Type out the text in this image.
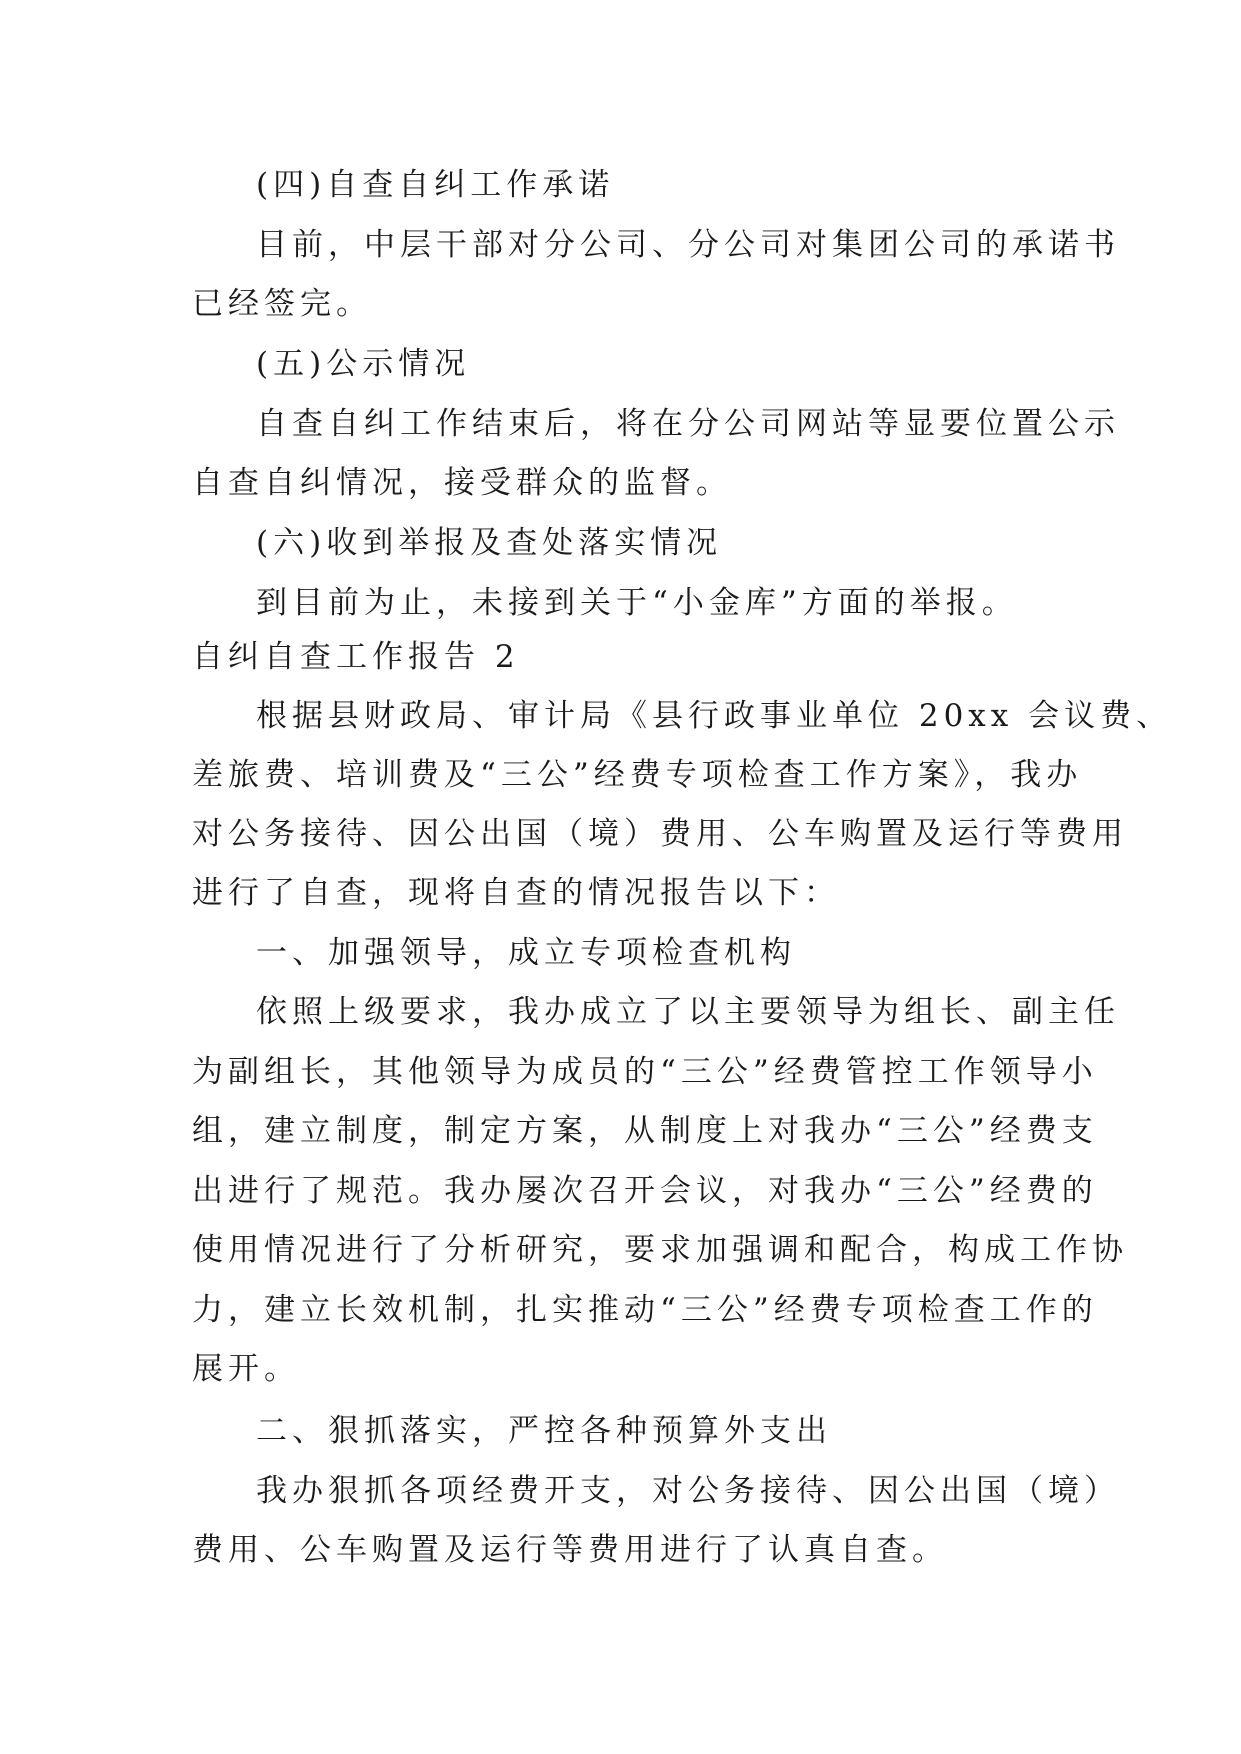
(四)自查自纠工作承诺

目前，中层干部对分公司、分公司对集团公司的承诺书

已经签完。

(五)公示情况

自查自纠工作结束后，将在分公司网站等显要位置公示

自查自纠情况，接受群众的监督。

(六)收到举报及查处落实情况

到目前为止，未接到关于“小金库”方面的举报。

自纠自查工作报告 2

根据县财政局、审计局《县行政事业单位 20xx 会议费、

差旅费、培训费及“三公”经费专项检查工作方案》，我办

对公务接待、因公出国（境）费用、公车购置及运行等费用

进行了自查，现将自查的情况报告以下：

一、加强领导，成立专项检查机构

依照上级要求，我办成立了以主要领导为组长、副主任

为副组长，其他领导为成员的“三公”经费管控工作领导小

组，建立制度，制定方案，从制度上对我办“三公”经费支

出进行了规范。我办屡次召开会议，对我办“三公”经费的

使用情况进行了分析研究，要求加强调和配合，构成工作协

力，建立长效机制，扎实推动“三公”经费专项检查工作的

展开。

二、狠抓落实，严控各种预算外支出

我办狠抓各项经费开支，对公务接待、因公出国（境）

费用、公车购置及运行等费用进行了认真自查。
